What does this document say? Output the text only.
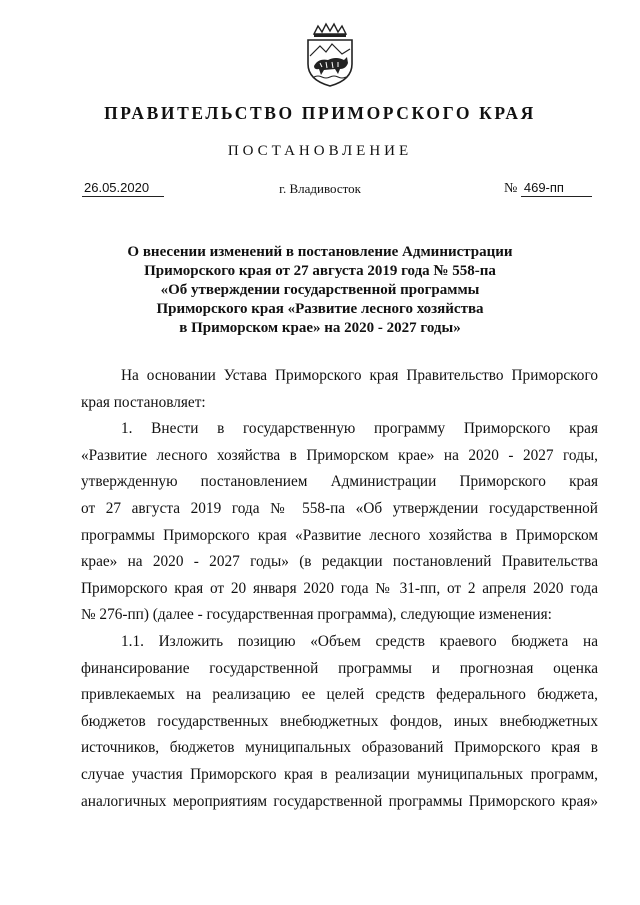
ПРАВИТЕЛЬСТВО ПРИМОРСКОГО КРАЯ
ПОСТАНОВЛЕНИЕ
26.05.2020	г. Владивосток	№ 469-пп
О внесении изменений в постановление Администрации
Приморского края от 27 августа 2019 года № 558-па
«Об утверждении государственной программы
Приморского края «Развитие лесного хозяйства
в Приморском крае» на 2020 - 2027 годы»
На основании Устава Приморского края Правительство Приморского
края постановляет:
1. Внести в государственную программу Приморского края
«Развитие лесного хозяйства в Приморском крае» на 2020 - 2027 годы,
утвержденную постановлением Администрации Приморского края
от 27 августа 2019 года № 558-па «Об утверждении государственной
программы Приморского края «Развитие лесного хозяйства в Приморском
крае» на 2020 - 2027 годы» (в редакции постановлений Правительства
Приморского края от 20 января 2020 года № 31-пп, от 2 апреля 2020 года
№ 276-пп) (далее - государственная программа), следующие изменения:
1.1. Изложить позицию «Объем средств краевого бюджета на
финансирование государственной программы и прогнозная оценка
привлекаемых на реализацию ее целей средств федерального бюджета,
бюджетов государственных внебюджетных фондов, иных внебюджетных
источников, бюджетов муниципальных образований Приморского края в
случае участия Приморского края в реализации муниципальных программ,
аналогичных мероприятиям государственной программы Приморского края»
